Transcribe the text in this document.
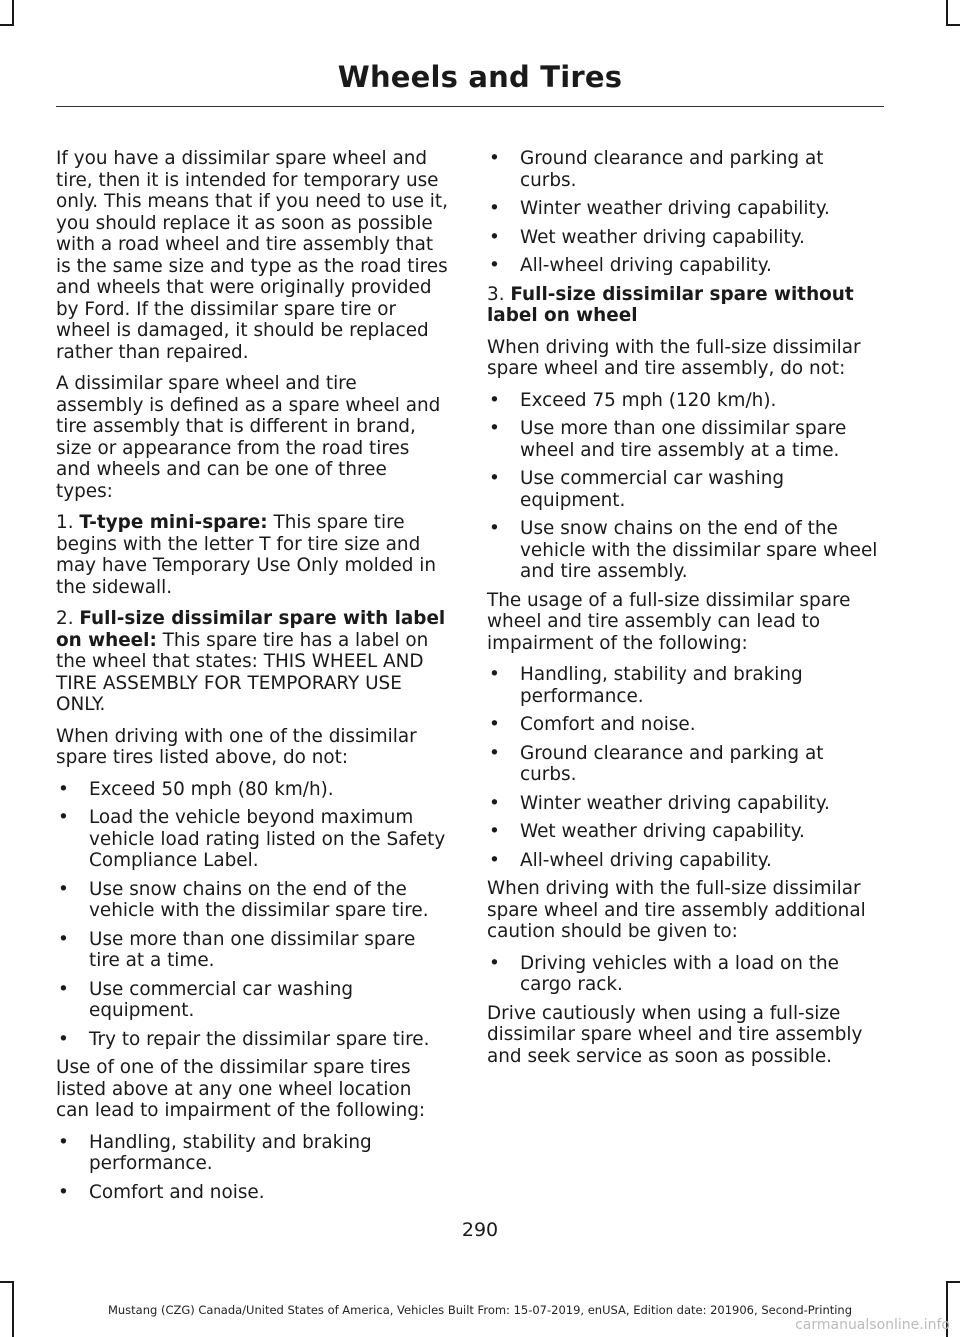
Wheels and Tires

If you have a dissimilar spare wheel and tire, then it is intended for temporary use only. This means that if you need to use it, you should replace it as soon as possible with a road wheel and tire assembly that is the same size and type as the road tires and wheels that were originally provided by Ford. If the dissimilar spare tire or wheel is damaged, it should be replaced rather than repaired.

A dissimilar spare wheel and tire assembly is defined as a spare wheel and tire assembly that is different in brand, size or appearance from the road tires and wheels and can be one of three types:

1. T-type mini-spare: This spare tire begins with the letter T for tire size and may have Temporary Use Only molded in the sidewall.

2. Full-size dissimilar spare with label on wheel: This spare tire has a label on the wheel that states: THIS WHEEL AND TIRE ASSEMBLY FOR TEMPORARY USE ONLY.

When driving with one of the dissimilar spare tires listed above, do not:

• Exceed 50 mph (80 km/h).
• Load the vehicle beyond maximum vehicle load rating listed on the Safety Compliance Label.
• Use snow chains on the end of the vehicle with the dissimilar spare tire.
• Use more than one dissimilar spare tire at a time.
• Use commercial car washing equipment.
• Try to repair the dissimilar spare tire.

Use of one of the dissimilar spare tires listed above at any one wheel location can lead to impairment of the following:

• Handling, stability and braking performance.
• Comfort and noise.
• Ground clearance and parking at curbs.
• Winter weather driving capability.
• Wet weather driving capability.
• All-wheel driving capability.

3. Full-size dissimilar spare without label on wheel

When driving with the full-size dissimilar spare wheel and tire assembly, do not:

• Exceed 75 mph (120 km/h).
• Use more than one dissimilar spare wheel and tire assembly at a time.
• Use commercial car washing equipment.
• Use snow chains on the end of the vehicle with the dissimilar spare wheel and tire assembly.

The usage of a full-size dissimilar spare wheel and tire assembly can lead to impairment of the following:

• Handling, stability and braking performance.
• Comfort and noise.
• Ground clearance and parking at curbs.
• Winter weather driving capability.
• Wet weather driving capability.
• All-wheel driving capability.

When driving with the full-size dissimilar spare wheel and tire assembly additional caution should be given to:

• Driving vehicles with a load on the cargo rack.

Drive cautiously when using a full-size dissimilar spare wheel and tire assembly and seek service as soon as possible.

290
Mustang (CZG) Canada/United States of America, Vehicles Built From: 15-07-2019, enUSA, Edition date: 201906, Second-Printing
carmanualsonline.info
